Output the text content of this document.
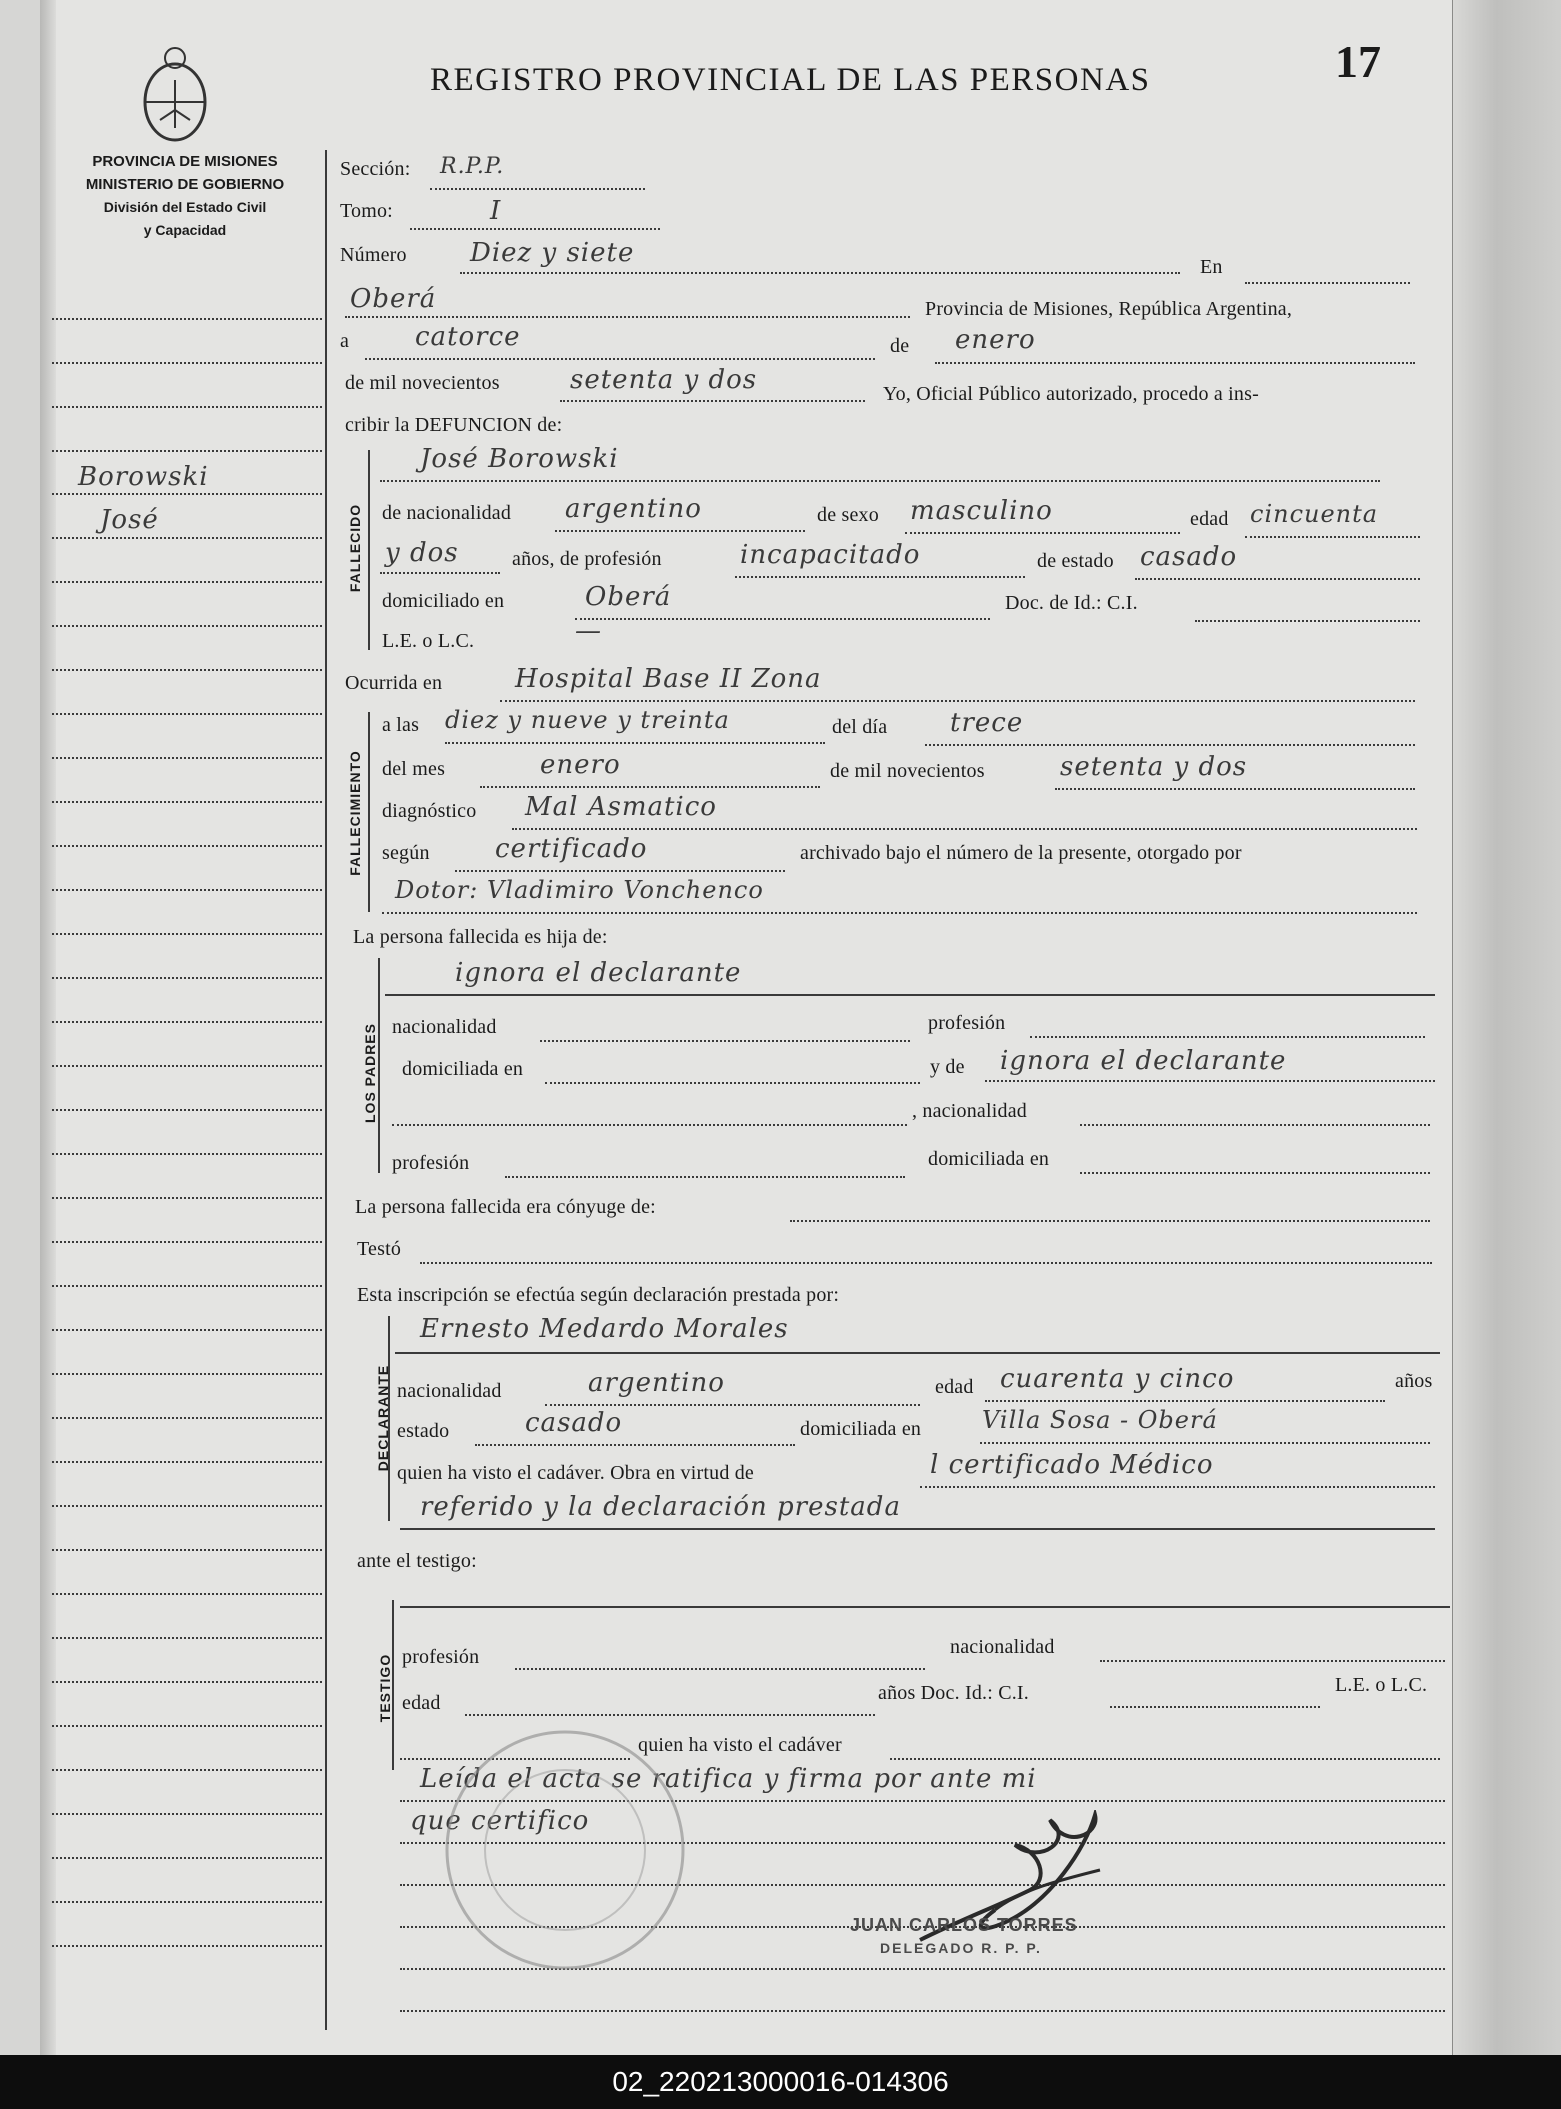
PROVINCIA DE MISIONES
MINISTERIO DE GOBIERNO
División del Estado Civil
y Capacidad
REGISTRO PROVINCIAL DE LAS PERSONAS	17
Borowski
José
Sección: R.P.P.
Tomo:	I
Número Diez y siete	En
Oberá	Provincia de Misiones, República Argentina,
a	catorce	de enero
de mil novecientos	setenta y dos	Yo, Oficial Público autorizado, procedo a ins-
cribir la DEFUNCION de:
FALLECIDO
José Borowski
de nacionalidad argentino	de sexo masculino	edad cincuenta
y dos	años, de profesión	incapacitado	de estado casado
domiciliado en	Oberá	Doc. de Id.: C.I.
L.E. o L.C.	—
Ocurrida en	Hospital Base II Zona
FALLECIMIENTO
a las diez y nueve y treinta	del día trece
del mes	enero	de mil novecientos	setenta y dos
diagnóstico Mal Asmatico
según	certificado	archivado bajo el número de la presente, otorgado por
Dotor: Vladimiro Vonchenco
La persona fallecida es hija de:
LOS PADRES
ignora el declarante
nacionalidad	profesión
domiciliada en	y de ignora el declarante
, nacionalidad
profesión	domiciliada en
La persona fallecida era cónyuge de:
Testó
Esta inscripción se efectúa según declaración prestada por:
DECLARANTE
Ernesto Medardo Morales
nacionalidad	argentino	edad cuarenta y cinco	años
estado	casado	domiciliada en	Villa Sosa - Oberá
quien ha visto el cadáver. Obra en virtud de	l certificado Médico
referido y la declaración prestada
ante el testigo:
TESTIGO profesión	nacionalidad
edad	años Doc. Id.: C.I.	L.E. o L.C.
quien ha visto el cadáver
Leída el acta se ratifica y firma por ante mi
que certifico
JUAN CARLOS TORRES
DELEGADO R. P. P.
02_220213000016-014306
